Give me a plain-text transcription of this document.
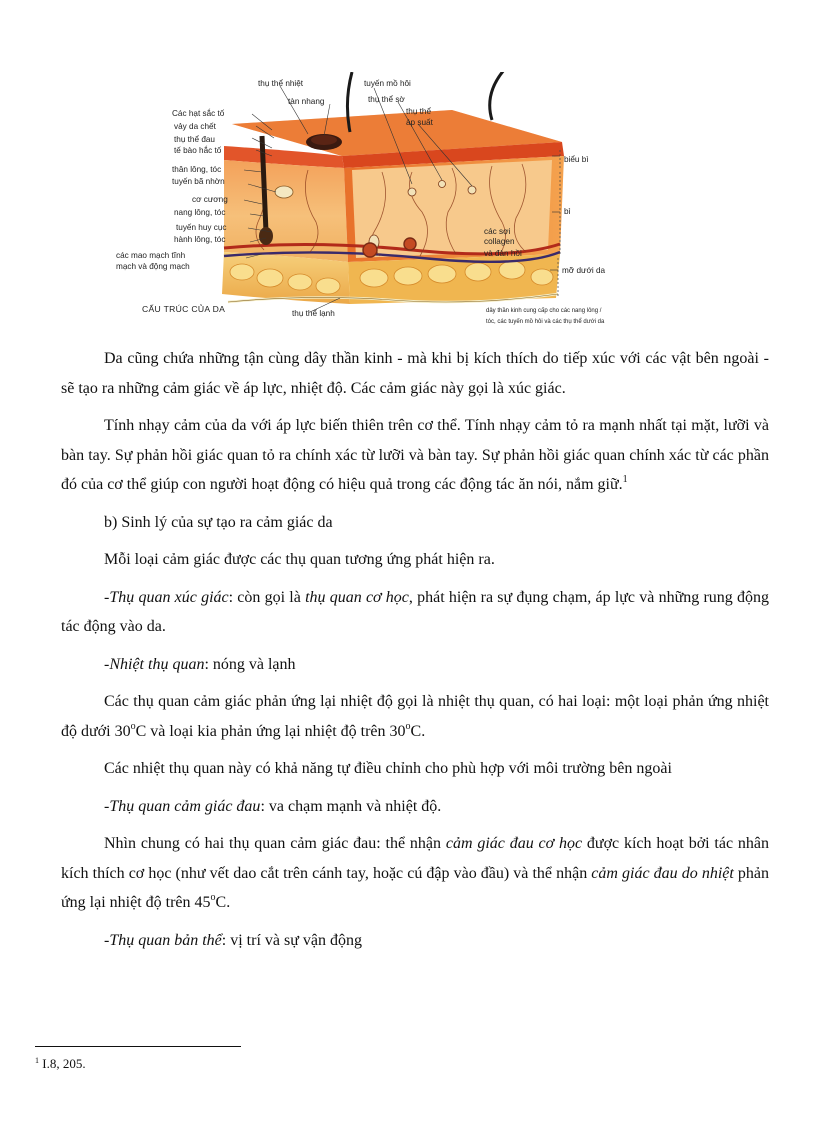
Các hạt sắc tố
vảy da chết
thụ thể đau
tế bào hắc tố
thân lông, tóc
tuyến bã nhờn
cơ cương
nang lông, tóc
tuyến huy cục
hành lông, tóc
các mao mạch tĩnh
mạch và động mạch
thụ thể nhiệt
tàn nhang
tuyến mồ hôi
thụ thể sờ
thụ thể
áp suất
biểu bì
bì
mỡ dưới da
các sợi
collagen
và đàn hồi
CẤU TRÚC CỦA DA	thụ thể lạnh	dây thần kinh cung cấp cho các nang lông /
tóc, các tuyến mồ hôi và các thụ thể dưới da

Da cũng chứa những tận cùng dây thần kinh - mà khi bị kích thích do tiếp xúc với các vật bên ngoài - sẽ tạo ra những cảm giác về áp lực, nhiệt độ. Các cảm giác này gọi là xúc giác.

Tính nhạy cảm của da với áp lực biến thiên trên cơ thể. Tính nhạy cảm tỏ ra mạnh nhất tại mặt, lưỡi và bàn tay. Sự phản hồi giác quan tỏ ra chính xác từ lưỡi và bàn tay. Sự phản hồi giác quan chính xác từ các phần đó của cơ thể giúp con người hoạt động có hiệu quả trong các động tác ăn nói, nắm giữ.$^1$

b) Sinh lý của sự tạo ra cảm giác da

Mỗi loại cảm giác được các thụ quan tương ứng phát hiện ra.

-Thụ quan xúc giác: còn gọi là thụ quan cơ học, phát hiện ra sự đụng chạm, áp lực và những rung động tác động vào da.

-Nhiệt thụ quan: nóng và lạnh

Các thụ quan cảm giác phản ứng lại nhiệt độ gọi là nhiệt thụ quan, có hai loại: một loại phản ứng nhiệt độ dưới 30$^o$C và loại kia phản ứng lại nhiệt độ trên 30$^o$C.

Các nhiệt thụ quan này có khả năng tự điều chỉnh cho phù hợp với môi trường bên ngoài

-Thụ quan cảm giác đau: va chạm mạnh và nhiệt độ.

Nhìn chung có hai thụ quan cảm giác đau: thể nhận cảm giác đau cơ học được kích hoạt bởi tác nhân kích thích cơ học (như vết dao cắt trên cánh tay, hoặc cú đập vào đầu) và thể nhận cảm giác đau do nhiệt phản ứng lại nhiệt độ trên 45$^o$C.

-Thụ quan bản thể: vị trí và sự vận động

$^1$ I.8, 205.
